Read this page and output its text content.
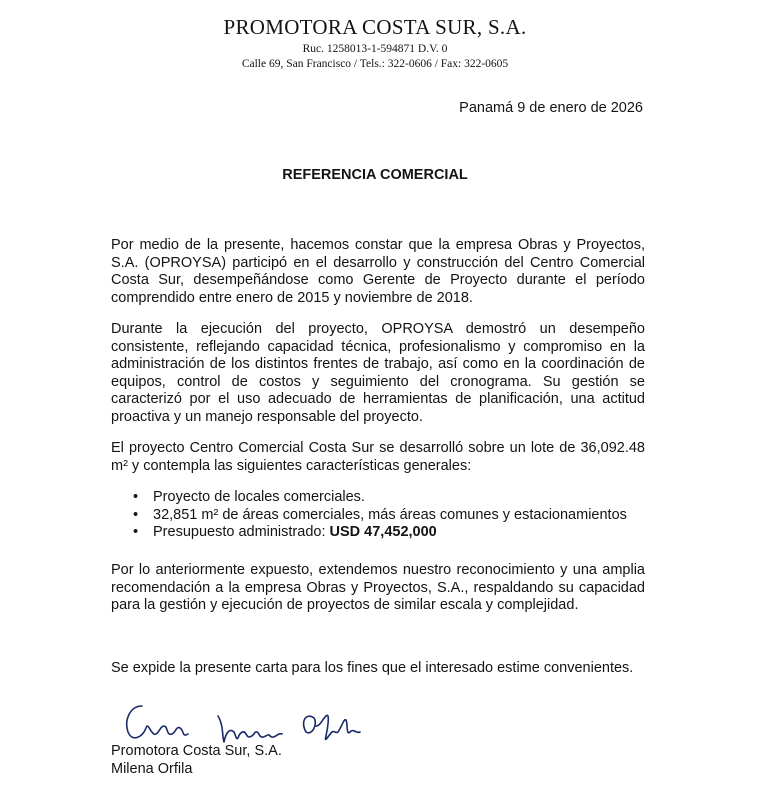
PROMOTORA COSTA SUR, S.A.
Ruc. 1258013-1-594871 D.V. 0
Calle 69, San Francisco / Tels.: 322-0606 / Fax: 322-0605
Panamá 9 de enero de 2026
REFERENCIA COMERCIAL

Por medio de la presente, hacemos constar que la empresa Obras y Proyectos, S.A. (OPROYSA) participó en el desarrollo y construcción del Centro Comercial Costa Sur, desempeñándose como Gerente de Proyecto durante el período comprendido entre enero de 2015 y noviembre de 2018.

Durante la ejecución del proyecto, OPROYSA demostró un desempeño consistente, reflejando capacidad técnica, profesionalismo y compromiso en la administración de los distintos frentes de trabajo, así como en la coordinación de equipos, control de costos y seguimiento del cronograma. Su gestión se caracterizó por el uso adecuado de herramientas de planificación, una actitud proactiva y un manejo responsable del proyecto.

El proyecto Centro Comercial Costa Sur se desarrolló sobre un lote de 36,092.48 m² y contempla las siguientes características generales:

• Proyecto de locales comerciales.
• 32,851 m² de áreas comerciales, más áreas comunes y estacionamientos
• Presupuesto administrado: USD 47,452,000

Por lo anteriormente expuesto, extendemos nuestro reconocimiento y una amplia recomendación a la empresa Obras y Proyectos, S.A., respaldando su capacidad para la gestión y ejecución de proyectos de similar escala y complejidad.

Se expide la presente carta para los fines que el interesado estime convenientes.
Promotora Costa Sur, S.A.
Milena Orfila
